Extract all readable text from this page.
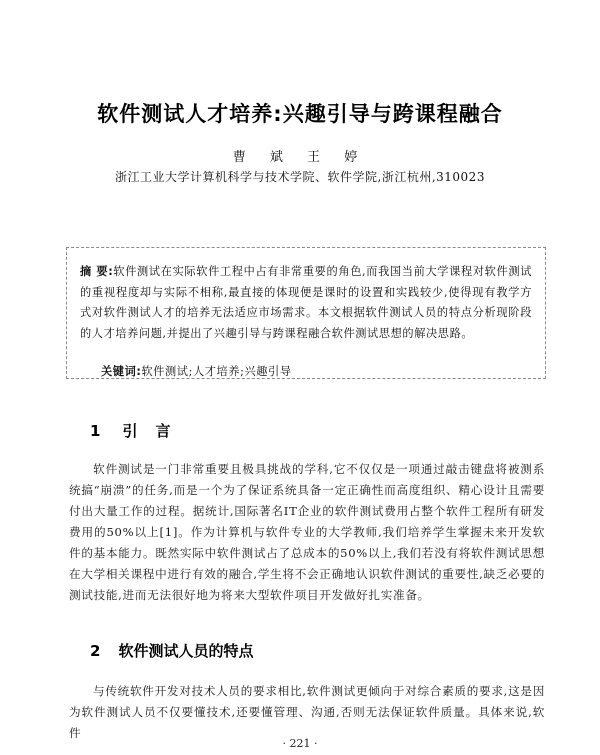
软件测试人才培养:兴趣引导与跨课程融合
曹 斌 王 婷
浙江工业大学计算机科学与技术学院、软件学院,浙江杭州,310023
摘 要:软件测试在实际软件工程中占有非常重要的角色,而我国当前大学课程对软件测试的重视程度却与实际不相称,最直接的体现便是课时的设置和实践较少,使得现有教学方式对软件测试人才的培养无法适应市场需求。本文根据软件测试人员的特点分析现阶段的人才培养问题,并提出了兴趣引导与跨课程融合软件测试思想的解决思路。
关键词:软件测试;人才培养;兴趣引导
1 引言
软件测试是一门非常重要且极具挑战的学科,它不仅仅是一项通过敲击键盘将被测系统搞“崩溃”的任务,而是一个为了保证系统具备一定正确性而高度组织、精心设计且需要付出大量工作的过程。据统计,国际著名IT企业的软件测试费用占整个软件工程所有研发费用的50%以上[1]。作为计算机与软件专业的大学教师,我们培养学生掌握未来开发软件的基本能力。既然实际中软件测试占了总成本的50%以上,我们若没有将软件测试思想在大学相关课程中进行有效的融合,学生将不会正确地认识软件测试的重要性,缺乏必要的测试技能,进而无法很好地为将来大型软件项目开发做好扎实准备。
2 软件测试人员的特点
与传统软件开发对技术人员的要求相比,软件测试更倾向于对综合素质的要求,这是因为软件测试人员不仅要懂技术,还要懂管理、沟通,否则无法保证软件质量。具体来说,软件
· 221 ·
